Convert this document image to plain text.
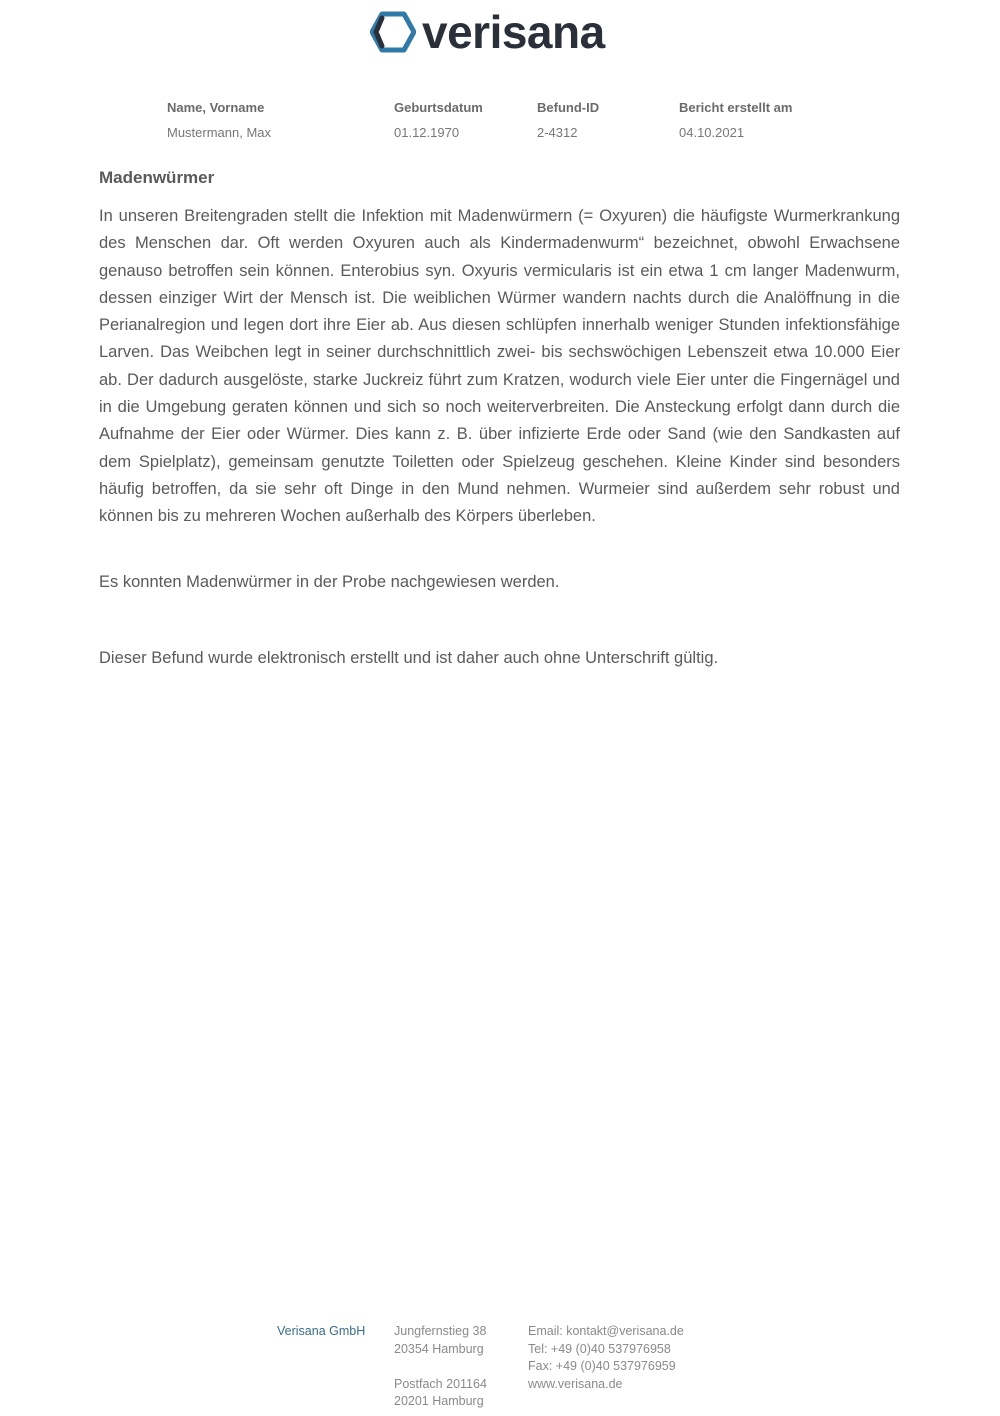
verisana

Name, Vorname

Mustermann, Max

Geburtsdatum

01.12.1970

Befund-ID

2-4312

Bericht erstellt am

04.10.2021

Madenwürmer

In unseren Breitengraden stellt die Infektion mit Madenwürmern (= Oxyuren) die häufigste Wurmerkrankung des Menschen dar. Oft werden Oxyuren auch als Kindermadenwurm“ bezeichnet, obwohl Erwachsene genauso betroffen sein können. Enterobius syn. Oxyuris vermicularis ist ein etwa 1 cm langer Madenwurm, dessen einziger Wirt der Mensch ist. Die weiblichen Würmer wandern nachts durch die Analöffnung in die Perianalregion und legen dort ihre Eier ab. Aus diesen schlüpfen innerhalb weniger Stunden infektionsfähige Larven. Das Weibchen legt in seiner durchschnittlich zwei- bis sechswöchigen Lebenszeit etwa 10.000 Eier ab. Der dadurch ausgelöste, starke Juckreiz führt zum Kratzen, wodurch viele Eier unter die Fingernägel und in die Umgebung geraten können und sich so noch weiterverbreiten. Die Ansteckung erfolgt dann durch die Aufnahme der Eier oder Würmer. Dies kann z. B. über infizierte Erde oder Sand (wie den Sandkasten auf dem Spielplatz), gemeinsam genutzte Toiletten oder Spielzeug geschehen. Kleine Kinder sind besonders häufig betroffen, da sie sehr oft Dinge in den Mund nehmen. Wurmeier sind außerdem sehr robust und können bis zu mehreren Wochen außerhalb des Körpers überleben.

Es konnten Madenwürmer in der Probe nachgewiesen werden.

Dieser Befund wurde elektronisch erstellt und ist daher auch ohne Unterschrift gültig.

Verisana GmbH Jungfernstieg 38

20354 Hamburg

Postfach 201164

20201 Hamburg

Email: kontakt@verisana.de

Tel: +49 (0)40 537976958

Fax: +49 (0)40 537976959

www.verisana.de
